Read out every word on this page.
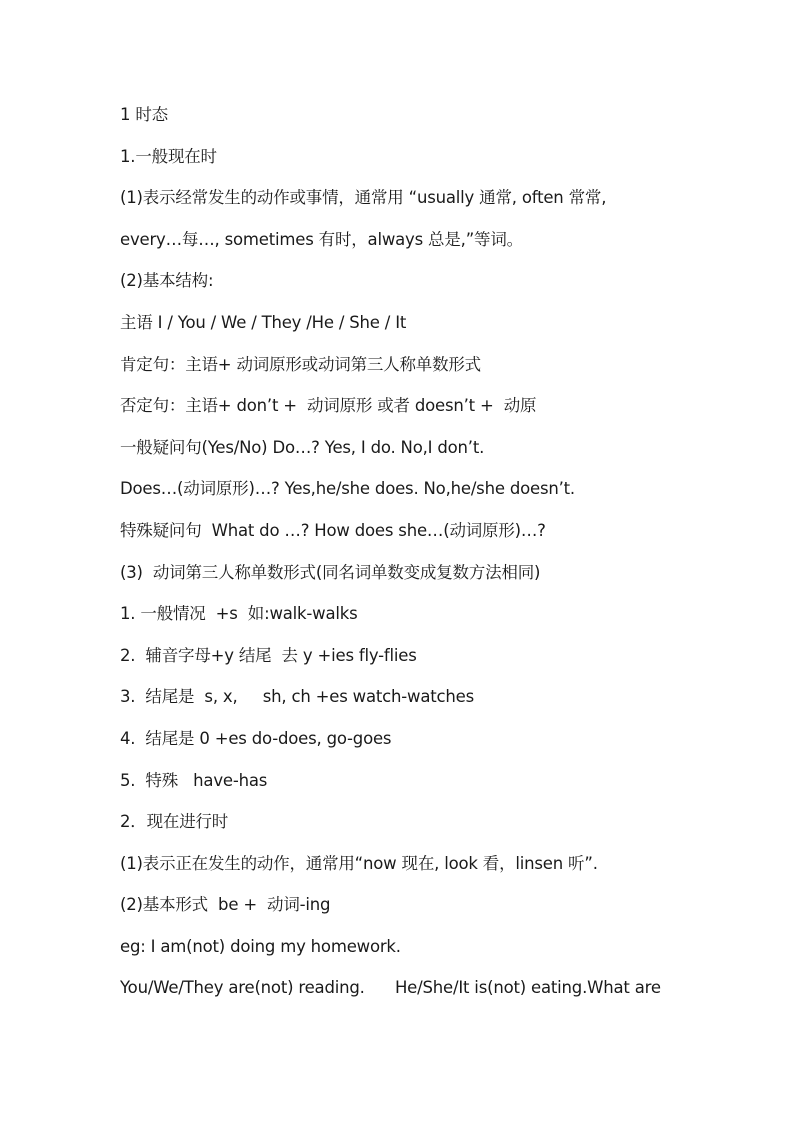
1 时态
1.一般现在时
(1)表示经常发生的动作或事情，通常用 “usually 通常, often 常常,
every…每…, sometimes 有时，always 总是,”等词。
(2)基本结构:
主语 I / You / We / They /He / She / It
肯定句：主语+ 动词原形或动词第三人称单数形式
否定句：主语+ don’t +  动词原形 或者 doesn’t +  动原
一般疑问句(Yes/No) Do…? Yes, I do. No,I don’t.
Does…(动词原形)…? Yes,he/she does. No,he/she doesn’t.
特殊疑问句  What do …? How does she…(动词原形)…?
(3)  动词第三人称单数形式(同名词单数变成复数方法相同)
1. 一般情况  +s  如:walk-walks
2.  辅音字母+y 结尾  去 y +ies fly-flies
3.  结尾是  s, x,     sh, ch +es watch-watches
4.  结尾是 0 +es do-does, go-goes
5.  特殊   have-has
2．现在进行时
(1)表示正在发生的动作，通常用“now 现在, look 看，linsen 听”.
(2)基本形式  be +  动词-ing
eg: I am(not) doing my homework.
You/We/They are(not) reading.      He/She/It is(not) eating.What are
